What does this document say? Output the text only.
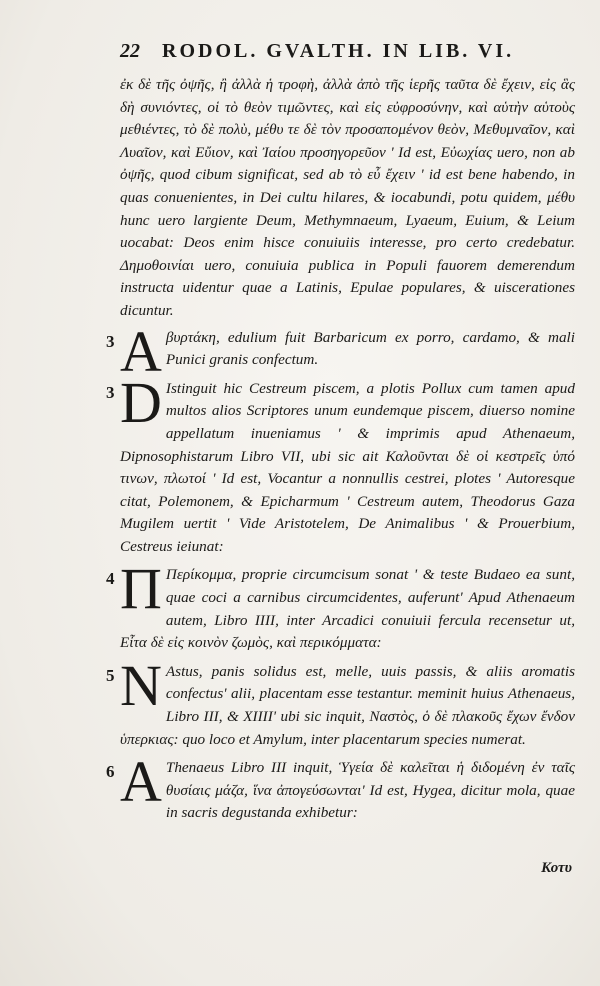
22 RODOL. GVALTH. IN LIB. VI.

ἐκ δὲ τῆς ὀψῆς, ἢ ἀλλὰ ἡ τροφὴ, ἀλλὰ ἀπὸ τῆς ἱερῆς ταῦτα δὲ ἔχειν, εἰς ἃς δὴ συνιόντες, οἱ τὸ θεὸν τιμῶντες, καὶ εἰς εὐφροσύνην, καὶ αὑτὴν αὑτοὺς μεθιέντες, τὸ δὲ πολὺ, μέθυ τε δὲ τὸν προσαπομένον θεὸν, Μεθυμναῖον, καὶ Λυαῖον, καὶ Εὔιον, καὶ Ἰαίου προσηγορεῦον ' Id est, Εὐωχίας uero, non ab ὀψῆς, quod cibum significat, sed ab τὸ εὖ ἔχειν ' id est bene habendo, in quas conuenientes, in Dei cultu hilares, & iocabundi, potu quidem, μέθυ hunc uero largiente Deum, Methymnaeum, Lyaeum, Euium, & Leium uocabat: Deos enim hisce conuiuiis interesse, pro certo credebatur. Δημοθοινίαι uero, conuiuia publica in Populi fauorem demerendum instructa uidentur quae a Latinis, Epulae populares, & uiscerationes dicuntur.

3 A βυρτάκη, edulium fuit Barbaricum ex porro, cardamo, & mali Punici granis confectum.

3 D Istinguit hic Cestreum piscem, a plotis Pollux cum tamen apud multos alios Scriptores unum eundemque piscem, diuerso nomine appellatum inueniamus ' & imprimis apud Athenaeum, Dipnosophistarum Libro VII, ubi sic ait Καλοῦνται δὲ οἱ κεστρεῖς ὑπό τινων, πλωτοί ' Id est, Vocantur a nonnullis cestrei, plotes ' Autoresque citat, Polemonem, & Epicharmum ' Cestreum autem, Theodorus Gaza Mugilem uertit ' Vide Aristotelem, De Animalibus ' & Prouerbium, Cestreus ieiunat:

4 Π Περίκομμα, proprie circumcisum sonat ' & teste Budaeo ea sunt, quae coci a carnibus circumcidentes, auferunt' Apud Athenaeum autem, Libro IIII, inter Arcadici conuiuii fercula recensetur ut, Εἶτα δὲ εἰς κοινὸν ζωμὸς, καὶ περικόμματα:

5 N Astus, panis solidus est, melle, uuis passis, & aliis aromatis confectus' alii, placentam esse testantur. meminit huius Athenaeus, Libro III, & XIIII' ubi sic inquit, Ναστὸς, ὁ δὲ πλακοῦς ἔχων ἔνδον ὑπερκιας: quo loco et Amylum, inter placentarum species numerat.

6 A Thenaeus Libro III inquit, Ὑγεία δὲ καλεῖται ἡ διδομένη ἐν ταῖς θυσίαις μάζα, ἵνα ἀπογεύσωνται' Id est, Hygea, dicitur mola, quae in sacris degustanda exhibetur:

Κοτυ
